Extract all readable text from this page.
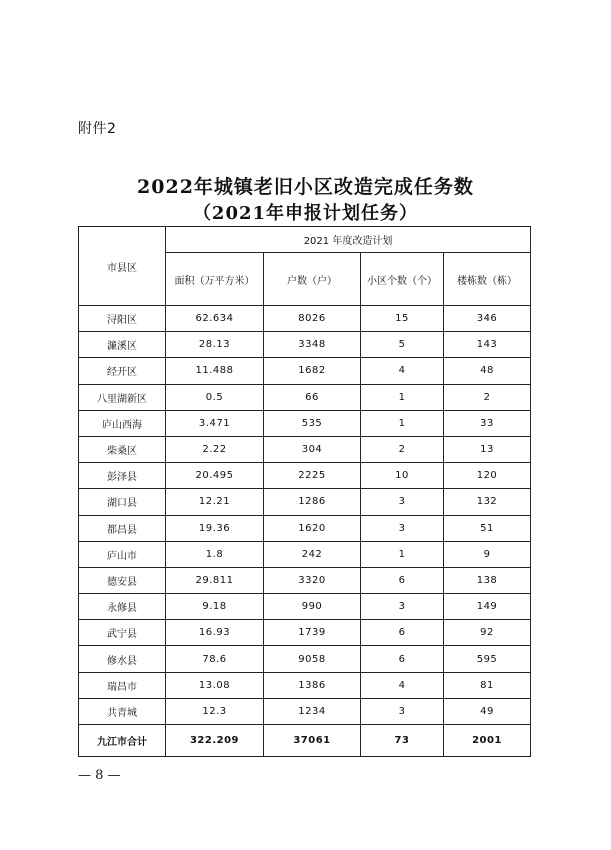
附件2
2022年城镇老旧小区改造完成任务数
（2021年申报计划任务）
市县区	2021 年度改造计划			
	面积（万平方米）	户数（户）	小区个数（个）	楼栋数（栋）
浔阳区	62.634	8026	15	346
濂溪区	28.13	3348	5	143
经开区	11.488	1682	4	48
八里湖新区	0.5	66	1	2
庐山西海	3.471	535	1	33
柴桑区	2.22	304	2	13
彭泽县	20.495	2225	10	120
湖口县	12.21	1286	3	132
都昌县	19.36	1620	3	51
庐山市	1.8	242	1	9
德安县	29.811	3320	6	138
永修县	9.18	990	3	149
武宁县	16.93	1739	6	92
修水县	78.6	9058	6	595
瑞昌市	13.08	1386	4	81
共青城	12.3	1234	3	49
九江市合计	322.209	37061	73	2001
— 8 —
